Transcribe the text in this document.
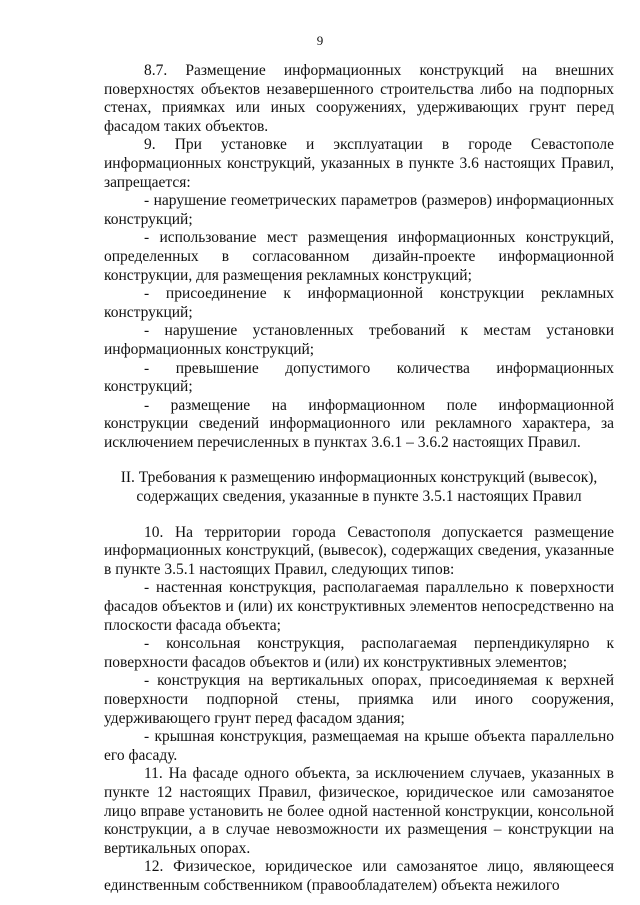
9

8.7. Размещение информационных конструкций на внешних поверхностях объектов незавершенного строительства либо на подпорных стенах, приямках или иных сооружениях, удерживающих грунт перед фасадом таких объектов.

9. При установке и эксплуатации в городе Севастополе информационных конструкций, указанных в пункте 3.6 настоящих Правил, запрещается:

- нарушение геометрических параметров (размеров) информационных конструкций;

- использование мест размещения информационных конструкций, определенных в согласованном дизайн-проекте информационной конструкции, для размещения рекламных конструкций;

- присоединение к информационной конструкции рекламных конструкций;

- нарушение установленных требований к местам установки информационных конструкций;

- превышение допустимого количества информационных конструкций;

- размещение на информационном поле информационной конструкции сведений информационного или рекламного характера, за исключением перечисленных в пунктах 3.6.1 – 3.6.2 настоящих Правил.

II. Требования к размещению информационных конструкций (вывесок), содержащих сведения, указанные в пункте 3.5.1 настоящих Правил

10. На территории города Севастополя допускается размещение информационных конструкций, (вывесок), содержащих сведения, указанные в пункте 3.5.1 настоящих Правил, следующих типов:

- настенная конструкция, располагаемая параллельно к поверхности фасадов объектов и (или) их конструктивных элементов непосредственно на плоскости фасада объекта;

- консольная конструкция, располагаемая перпендикулярно к поверхности фасадов объектов и (или) их конструктивных элементов;

- конструкция на вертикальных опорах, присоединяемая к верхней поверхности подпорной стены, приямка или иного сооружения, удерживающего грунт перед фасадом здания;

- крышная конструкция, размещаемая на крыше объекта параллельно его фасаду.

11. На фасаде одного объекта, за исключением случаев, указанных в пункте 12 настоящих Правил, физическое, юридическое или самозанятое лицо вправе установить не более одной настенной конструкции, консольной конструкции, а в случае невозможности их размещения – конструкции на вертикальных опорах.

12. Физическое, юридическое или самозанятое лицо, являющееся единственным собственником (правообладателем) объекта нежилого
